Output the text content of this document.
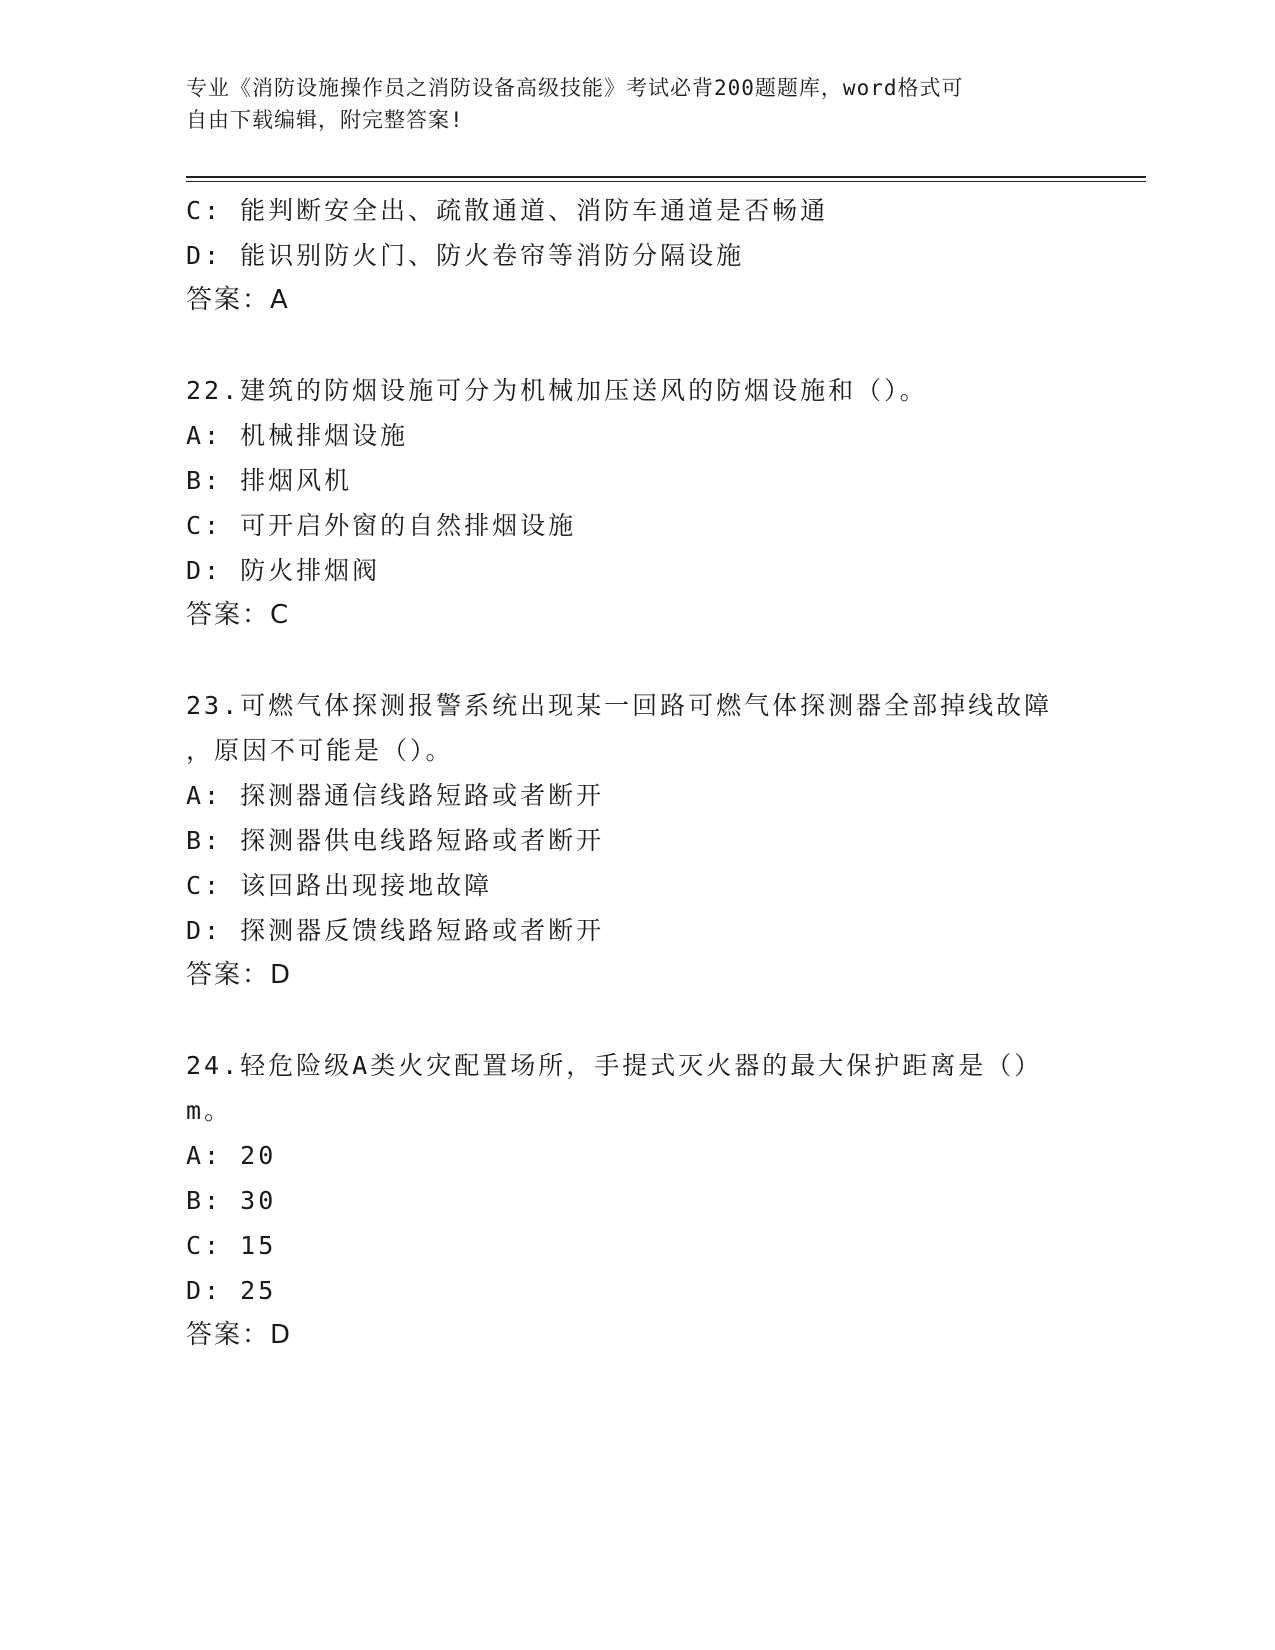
专业《消防设施操作员之消防设备高级技能》考试必背200题题库，word格式可
自由下载编辑，附完整答案!
C: 能判断安全出、疏散通道、消防车通道是否畅通
D: 能识别防火门、防火卷帘等消防分隔设施
答案：A
22.建筑的防烟设施可分为机械加压送风的防烟设施和（）。
A: 机械排烟设施
B: 排烟风机
C: 可开启外窗的自然排烟设施
D: 防火排烟阀
答案：C
23.可燃气体探测报警系统出现某一回路可燃气体探测器全部掉线故障
，原因不可能是（）。
A: 探测器通信线路短路或者断开
B: 探测器供电线路短路或者断开
C: 该回路出现接地故障
D: 探测器反馈线路短路或者断开
答案：D
24.轻危险级A类火灾配置场所，手提式灭火器的最大保护距离是（）
m。
A: 20
B: 30
C: 15
D: 25
答案：D
